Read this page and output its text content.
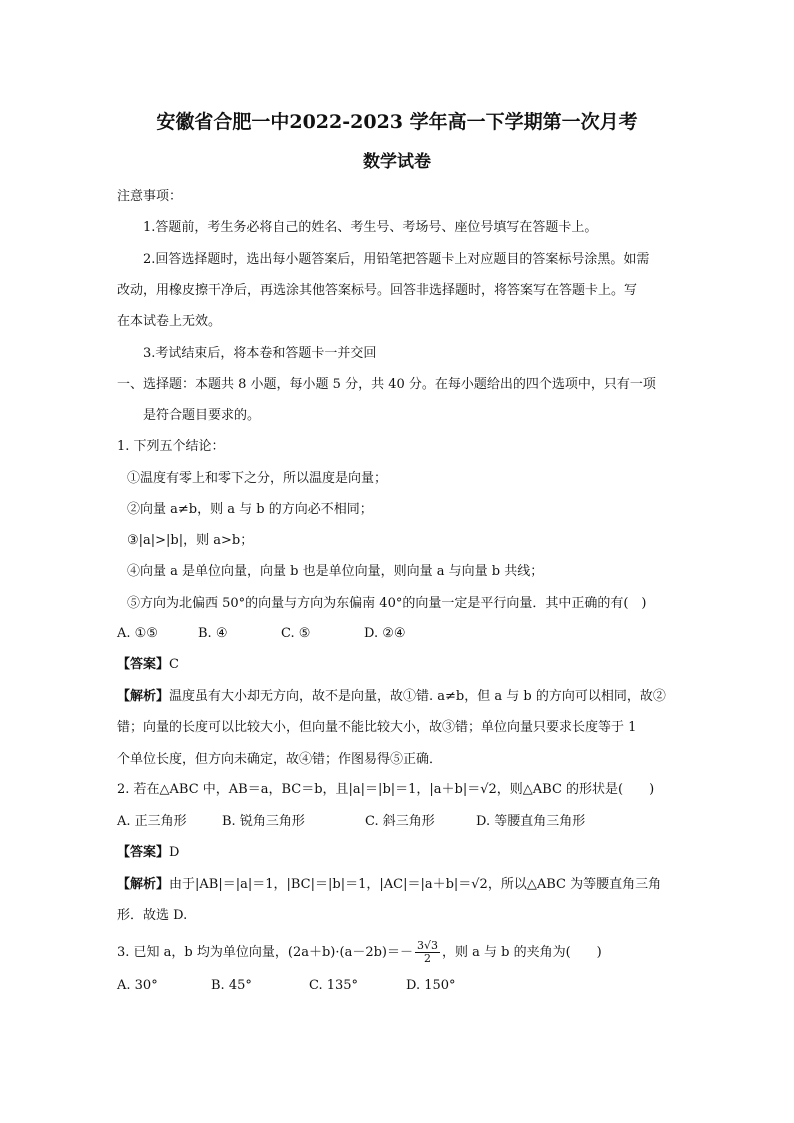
安徽省合肥一中2022-2023 学年高一下学期第一次月考
数学试卷
注意事项：
1.答题前，考生务必将自己的姓名、考生号、考场号、座位号填写在答题卡上。
2.回答选择题时，选出每小题答案后，用铅笔把答题卡上对应题目的答案标号涂黑。如需
改动，用橡皮擦干净后，再选涂其他答案标号。回答非选择题时，将答案写在答题卡上。写
在本试卷上无效。
3.考试结束后，将本卷和答题卡一并交回
一、选择题：本题共 8 小题，每小题 5 分，共 40 分。在每小题给出的四个选项中，只有一项
是符合题目要求的。
1. 下列五个结论：
①温度有零上和零下之分，所以温度是向量；
②向量 a≠b，则 a 与 b 的方向必不相同；
③|a|>|b|，则 a>b；
④向量 a 是单位向量，向量 b 也是单位向量，则向量 a 与向量 b 共线；
⑤方向为北偏西 50°的向量与方向为东偏南 40°的向量一定是平行向量．其中正确的有(　)
A. ①⑤	B. ④	C. ⑤	D. ②④
【答案】C
【解析】温度虽有大小却无方向，故不是向量，故①错. a≠b，但 a 与 b 的方向可以相同，故②
错；向量的长度可以比较大小，但向量不能比较大小，故③错；单位向量只要求长度等于 1
个单位长度，但方向未确定，故④错；作图易得⑤正确．
2. 若在△ABC 中，AB＝a，BC＝b，且|a|＝|b|＝1，|a＋b|＝√2，则△ABC 的形状是(　　)
A. 正三角形	B. 锐角三角形	C. 斜三角形	D. 等腰直角三角形
【答案】D
【解析】由于|AB|＝|a|＝1，|BC|＝|b|＝1，|AC|＝|a＋b|＝√2，所以△ABC 为等腰直角三角
形．故选 D.
3. 已知 a，b 均为单位向量，$(2a+b)\cdot(a-2b)=- \frac{3√3}{2}$ ，则 a 与 b 的夹角为(　　)
A. 30°	B. 45°	C. 135°	D. 150°
